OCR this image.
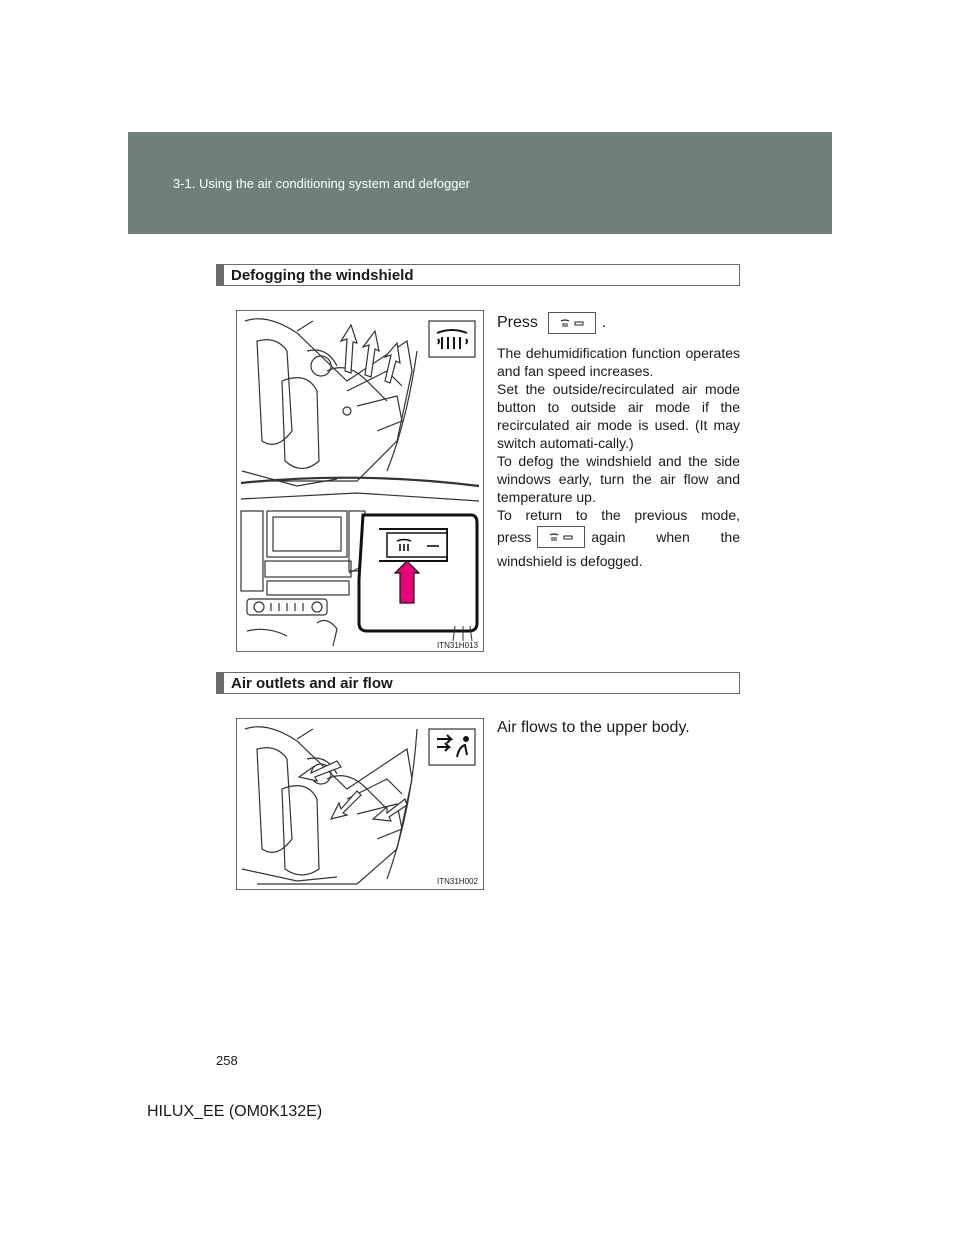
3-1. Using the air conditioning system and defogger
Defogging the windshield
ITN31H013
Press	.

The dehumidification function operates and fan speed increases.

Set the outside/recirculated air mode button to outside air mode if the recirculated air mode is used. (It may switch automati-cally.)

To defog the windshield and the side windows early, turn the air flow and temperature up.

To return to the previous mode,

press	again when the

windshield is defogged.

Air outlets and air flow
ITN31H002
Air flows to the upper body.
258
HILUX_EE (OM0K132E)
